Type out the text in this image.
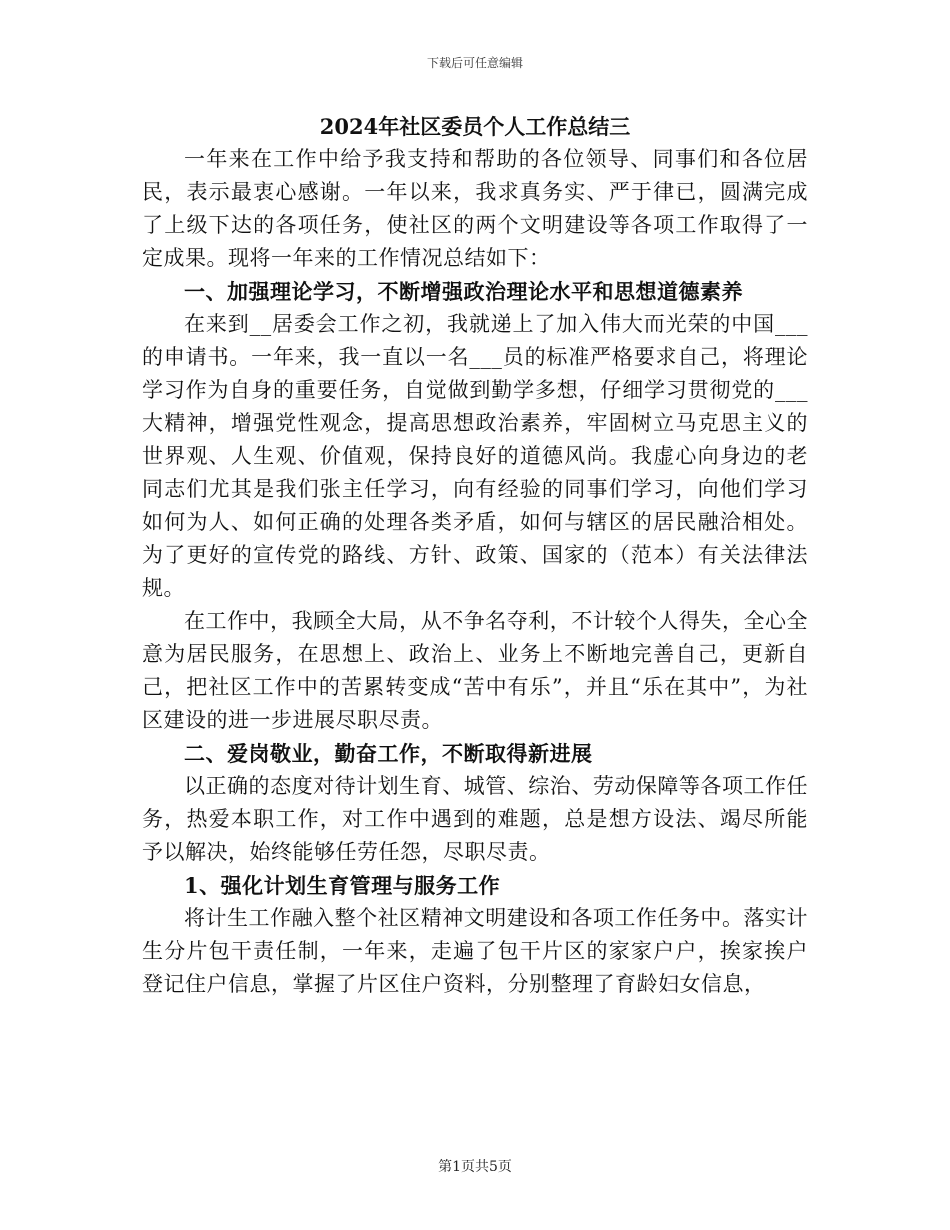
下载后可任意编辑

2024年社区委员个人工作总结三

一年来在工作中给予我支持和帮助的各位领导、同事们和各位居民，表示最衷心感谢。一年以来，我求真务实、严于律已，圆满完成了上级下达的各项任务，使社区的两个文明建设等各项工作取得了一定成果。现将一年来的工作情况总结如下：

一、加强理论学习，不断增强政治理论水平和思想道德素养

在来到__居委会工作之初，我就递上了加入伟大而光荣的中国___的申请书。一年来，我一直以一名___员的标准严格要求自己，将理论学习作为自身的重要任务，自觉做到勤学多想，仔细学习贯彻党的___大精神，增强党性观念，提高思想政治素养，牢固树立马克思主义的世界观、人生观、价值观，保持良好的道德风尚。我虚心向身边的老同志们尤其是我们张主任学习，向有经验的同事们学习，向他们学习如何为人、如何正确的处理各类矛盾，如何与辖区的居民融洽相处。为了更好的宣传党的路线、方针、政策、国家的（范本）有关法律法规。

在工作中，我顾全大局，从不争名夺利，不计较个人得失，全心全意为居民服务，在思想上、政治上、业务上不断地完善自己，更新自己，把社区工作中的苦累转变成“苦中有乐”，并且“乐在其中”，为社区建设的进一步进展尽职尽责。

二、爱岗敬业，勤奋工作，不断取得新进展

以正确的态度对待计划生育、城管、综治、劳动保障等各项工作任务，热爱本职工作，对工作中遇到的难题，总是想方设法、竭尽所能予以解决，始终能够任劳任怨，尽职尽责。

1、强化计划生育管理与服务工作

将计生工作融入整个社区精神文明建设和各项工作任务中。落实计生分片包干责任制，一年来，走遍了包干片区的家家户户，挨家挨户登记住户信息，掌握了片区住户资料，分别整理了育龄妇女信息，

第1页共5页
